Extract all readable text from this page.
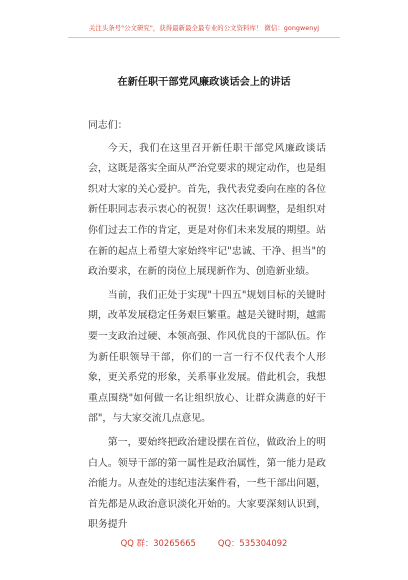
关注头条号"公文研究"，获得最新最全最专业的公文资料库！ 微信：gongwenyj
在新任职干部党风廉政谈话会上的讲话

同志们：

今天，我们在这里召开新任职干部党风廉政谈话会，这既是落实全面从严治党要求的规定动作，也是组织对大家的关心爱护。首先，我代表党委向在座的各位新任职同志表示衷心的祝贺！这次任职调整，是组织对你们过去工作的肯定，更是对你们未来发展的期望。站在新的起点上希望大家始终牢记"忠诚、干净、担当"的政治要求，在新的岗位上展现新作为、创造新业绩。

当前，我们正处于实现"十四五"规划目标的关键时期，改革发展稳定任务艰巨繁重。越是关键时期，越需要一支政治过硬、本领高强、作风优良的干部队伍。作为新任职领导干部，你们的一言一行不仅代表个人形象，更关系党的形象，关系事业发展。借此机会，我想重点围绕"如何做一名让组织放心、让群众满意的好干部"，与大家交流几点意见。

第一，要始终把政治建设摆在首位，做政治上的明白人。领导干部的第一属性是政治属性，第一能力是政治能力。从查处的违纪违法案件看，一些干部出问题，首先都是从政治意识淡化开始的。大家要深刻认识到，职务提升

QQ 群：30265665	QQ：535304092
